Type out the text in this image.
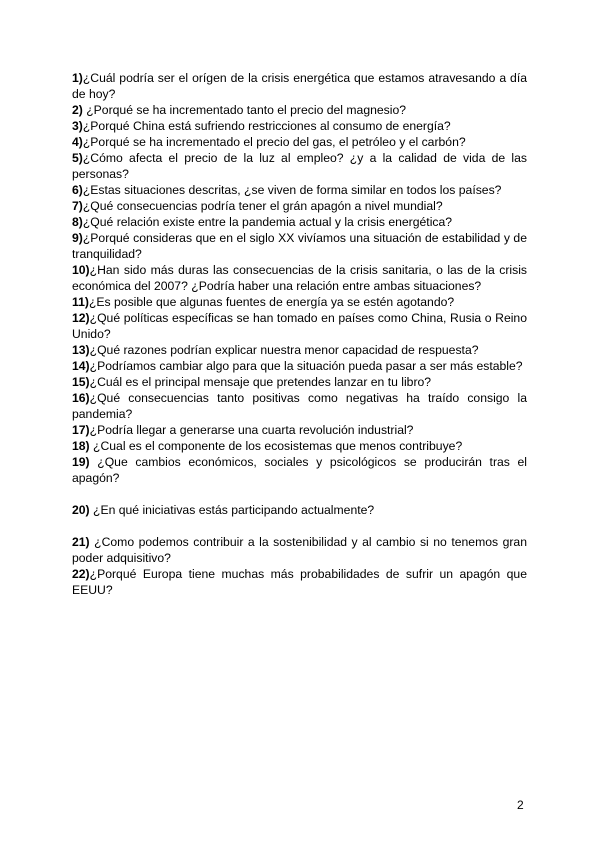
1)¿Cuál podría ser el orígen de la crisis energética que estamos atravesando a día de hoy?

2) ¿Porqué se ha incrementado tanto el precio del magnesio?

3)¿Porqué China está sufriendo restricciones al consumo de energía?

4)¿Porqué se ha incrementado el precio del gas, el petróleo y el carbón?

5)¿Cómo afecta el precio de la luz al empleo? ¿y a la calidad de vida de las personas?

6)¿Estas situaciones descritas, ¿se viven de forma similar en todos los países?

7)¿Qué consecuencias podría tener el grán apagón a nivel mundial?

8)¿Qué relación existe entre la pandemia actual y la crisis energética?

9)¿Porqué consideras que en el siglo XX vivíamos una situación de estabilidad y de tranquilidad?

10)¿Han sido más duras las consecuencias de la crisis sanitaria, o las de la crisis económica del 2007? ¿Podría haber una relación entre ambas situaciones?

11)¿Es posible que algunas fuentes de energía ya se estén agotando?

12)¿Qué políticas específicas se han tomado en países como China, Rusia o Reino Unido?

13)¿Qué razones podrían explicar nuestra menor capacidad de respuesta?

14)¿Podríamos cambiar algo para que la situación pueda pasar a ser más estable?

15)¿Cuál es el principal mensaje que pretendes lanzar en tu libro?

16)¿Qué consecuencias tanto positivas como negativas ha traído consigo la pandemia?

17)¿Podría llegar a generarse una cuarta revolución industrial?

18) ¿Cual es el componente de los ecosistemas que menos contribuye?

19) ¿Que cambios económicos, sociales y psicológicos se producirán tras el apagón?

20) ¿En qué iniciativas estás participando actualmente?

21) ¿Como podemos contribuir a la sostenibilidad y al cambio si no tenemos gran poder adquisitivo?

22)¿Porqué Europa tiene muchas más probabilidades de sufrir un apagón que EEUU?

2
